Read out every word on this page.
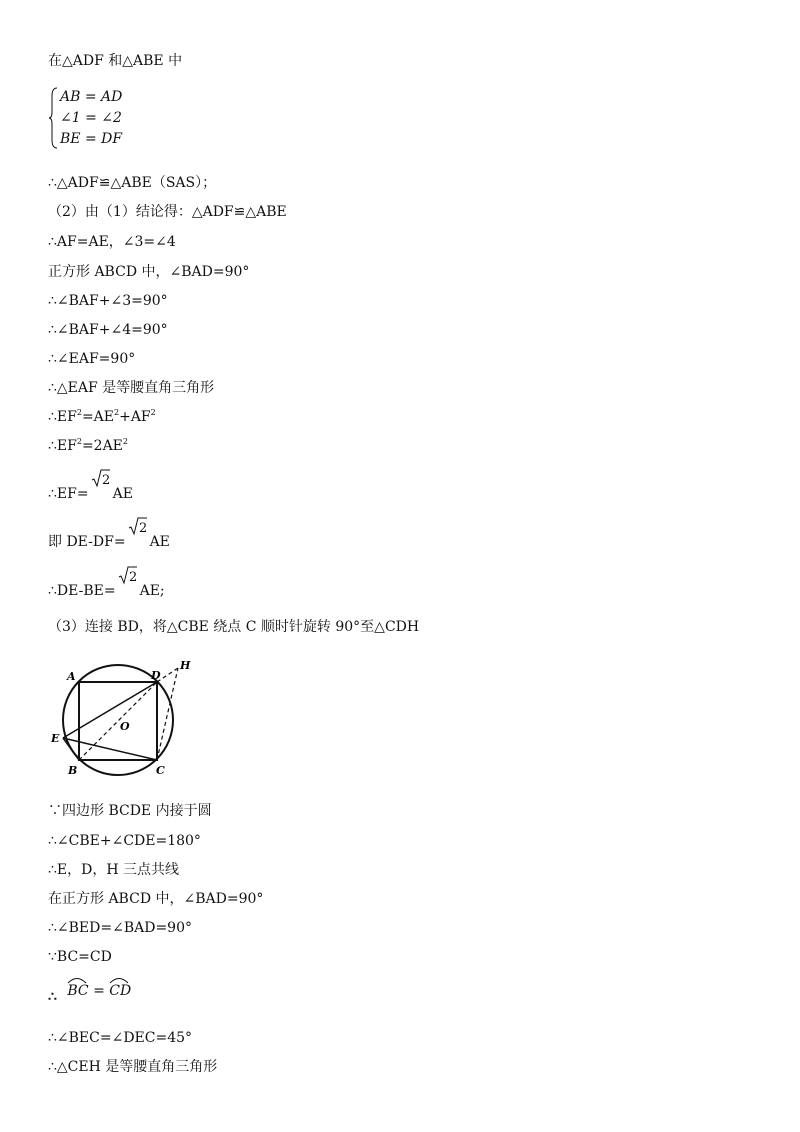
在△ADF 和△ABE 中
AB = AD
∠1 = ∠2
BE = DF
∴△ADF≌△ABE（SAS）；
（2）由（1）结论得：△ADF≌△ABE
∴AF=AE，∠3=∠4
正方形 ABCD 中，∠BAD=90°
∴∠BAF+∠3=90°
∴∠BAF+∠4=90°
∴∠EAF=90°
∴△EAF 是等腰直角三角形
$\therefore EF^2=AE^2+AF^2$
$\therefore EF^2=2AE^2$
∴EF=
2
AE
即 DE-DF=
2
AE
∴DE-BE=
2
AE;
（3）连接 BD，将△CBE 绕点 C 顺时针旋转 90°至△CDH
A	D
H
E
O
B	C
∵四边形 BCDE 内接于圆
∴∠CBE+∠CDE=180°
∴E，D，H 三点共线
在正方形 ABCD 中，∠BAD=90°
∴∠BED=∠BAD=90°
∵BC=CD
∴ BC =
CD
∴∠BEC=∠DEC=45°
∴△CEH 是等腰直角三角形
